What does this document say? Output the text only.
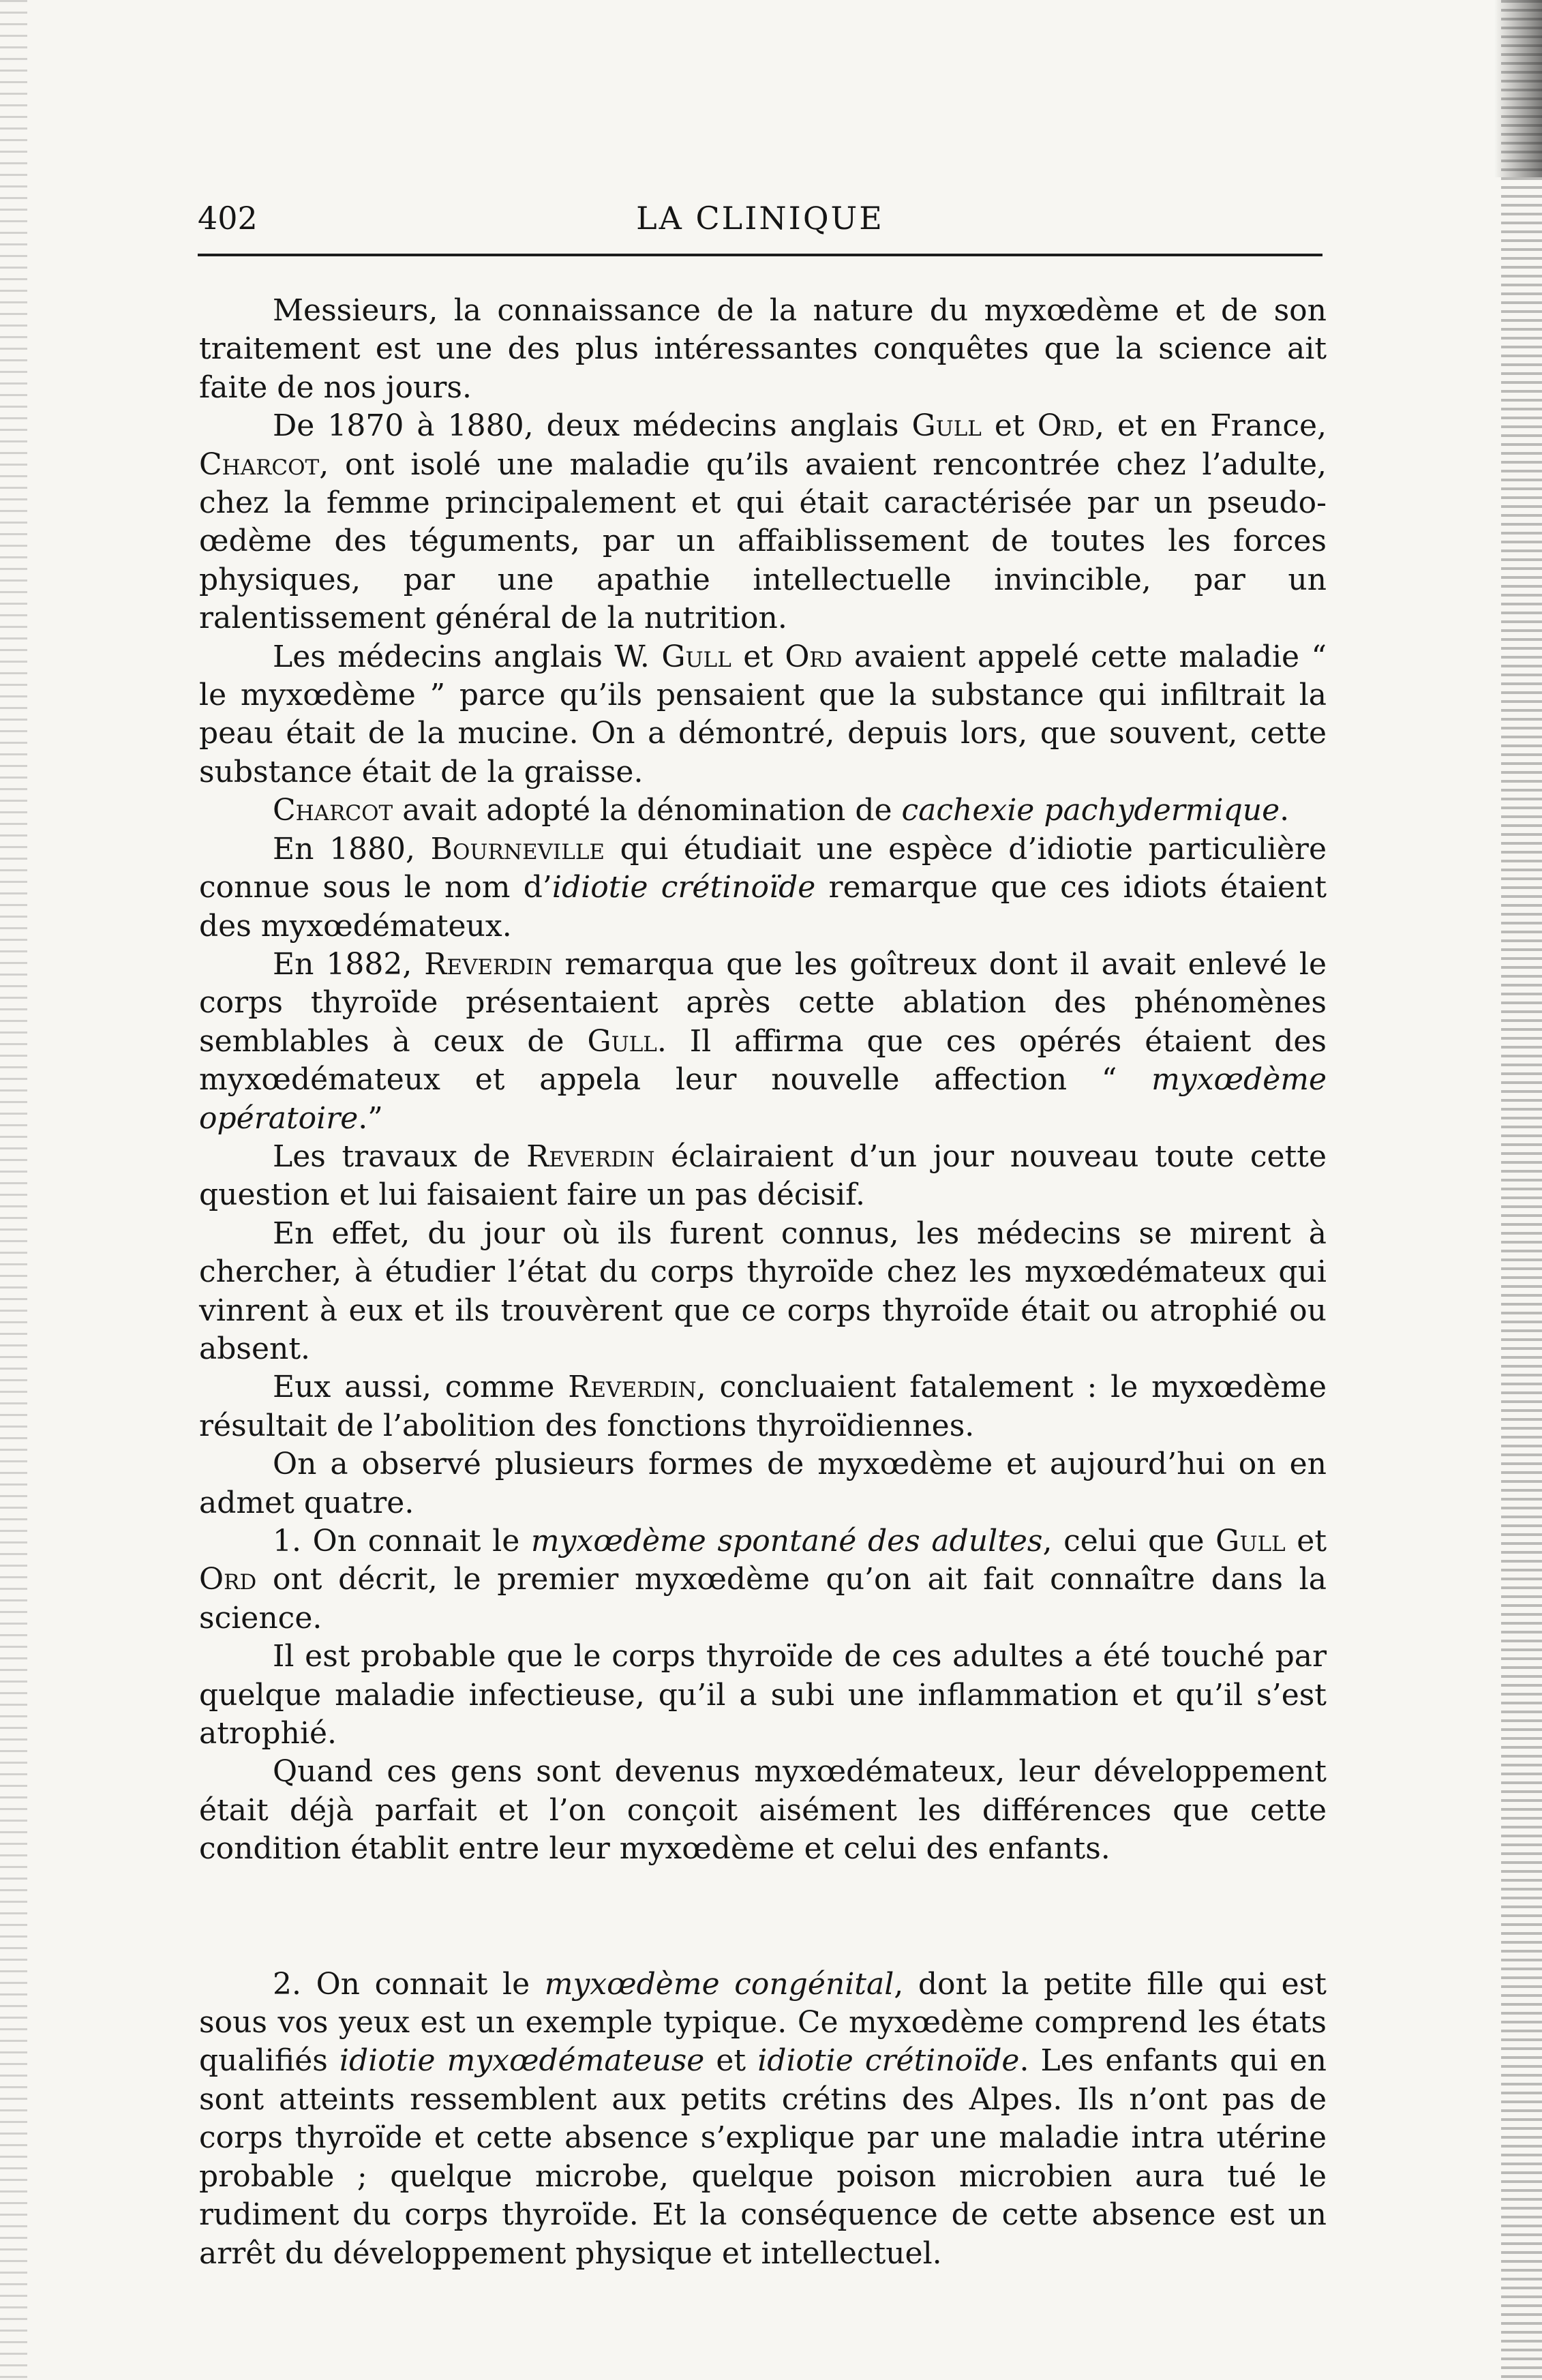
402	LA CLINIQUE

Messieurs, la connaissance de la nature du myxœdème et de son traitement est une des plus intéressantes conquêtes que la science ait faite de nos jours.

De 1870 à 1880, deux médecins anglais Gull et Ord, et en France, Charcot, ont isolé une maladie qu’ils avaient rencontrée chez l’adulte, chez la femme principalement et qui était caractérisée par un pseudo-œdème des téguments, par un affaiblissement de toutes les forces physiques, par une apathie intellectuelle invincible, par un ralentissement général de la nutrition.

Les médecins anglais W. Gull et Ord avaient appelé cette maladie “ le myxœdème ” parce qu’ils pensaient que la substance qui infiltrait la peau était de la mucine. On a démontré, depuis lors, que souvent, cette substance était de la graisse.

Charcot avait adopté la dénomination de cachexie pachydermique.

En 1880, Bourneville qui étudiait une espèce d’idiotie particulière connue sous le nom d’idiotie crétinoïde remarque que ces idiots étaient des myxœdémateux.

En 1882, Reverdin remarqua que les goîtreux dont il avait enlevé le corps thyroïde présentaient après cette ablation des phénomènes semblables à ceux de Gull. Il affirma que ces opérés étaient des myxœdémateux et appela leur nouvelle affection “ myxœdème opératoire.”

Les travaux de Reverdin éclairaient d’un jour nouveau toute cette question et lui faisaient faire un pas décisif.

En effet, du jour où ils furent connus, les médecins se mirent à chercher, à étudier l’état du corps thyroïde chez les myxœdémateux qui vinrent à eux et ils trouvèrent que ce corps thyroïde était ou atrophié ou absent.

Eux aussi, comme Reverdin, concluaient fatalement : le myxœdème résultait de l’abolition des fonctions thyroïdiennes.

On a observé plusieurs formes de myxœdème et aujourd’hui on en admet quatre.

1. On connait le myxœdème spontané des adultes, celui que Gull et Ord ont décrit, le premier myxœdème qu’on ait fait connaître dans la science.

Il est probable que le corps thyroïde de ces adultes a été touché par quelque maladie infectieuse, qu’il a subi une inflammation et qu’il s’est atrophié.

Quand ces gens sont devenus myxœdémateux, leur développement était déjà parfait et l’on conçoit aisément les différences que cette condition établit entre leur myxœdème et celui des enfants.

2. On connait le myxœdème congénital, dont la petite fille qui est sous vos yeux est un exemple typique. Ce myxœdème comprend les états qualifiés idiotie myxœdémateuse et idiotie crétinoïde. Les enfants qui en sont atteints ressemblent aux petits crétins des Alpes. Ils n’ont pas de corps thyroïde et cette absence s’explique par une maladie intra utérine probable ; quelque microbe, quelque poison microbien aura tué le rudiment du corps thyroïde. Et la conséquence de cette absence est un arrêt du développement physique et intellectuel.
